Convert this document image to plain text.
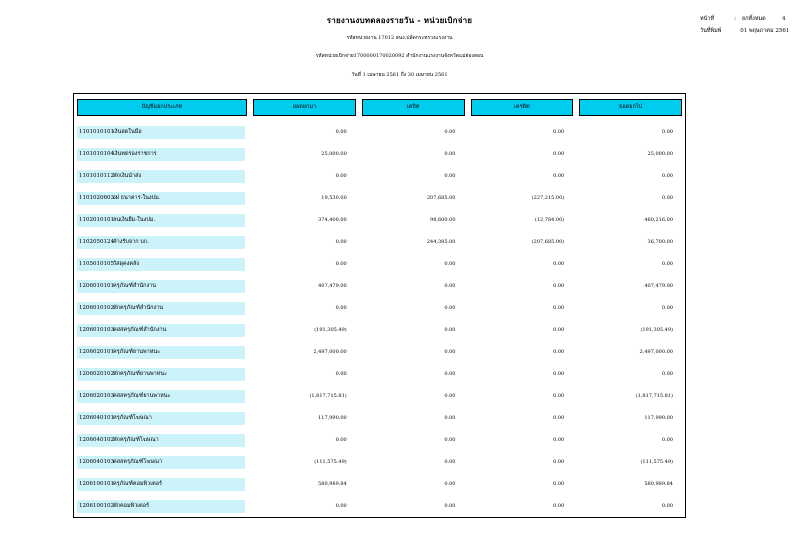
รายงานงบทดลองรายวัน - หน่วยเบิกจ่าย
รหัสหน่วยงาน 17012 สนง.ปลัดกระทรวงแรงงาน
รหัสหน่วยเบิกจ่าย1700000170020092 สำนักงานแรงงานจังหวัดแม่ฮ่องสอน
วันที่ 1 เมษายน 2561 ถึง 30 เมษายน 2561
หน้าที่	: ยกทั้งหมด	4
วันที่พิมพ์	01 พฤษภาคม 2561
บัญชีแยกประเภท	ยอดยกมา	เดบิต	เครดิต	ยอดยกไป

1101010101เงินสดในมือ	0.00	0.00	0.00	0.00

1101010104เงินทดรองราชการ	25,000.00	0.00	0.00	25,000.00

1101010112พักเงินนำส่ง	0.00	0.00	0.00	0.00

1101020603งฝ ธนาคาร-ในงปม.	19,530.00	207,685.00	(227,215.00)	0.00

1102010101ลนเงินยืม-ในงปม.	374,400.00	98,600.00	(12,784.00)	460,216.00

1102050124ค้างรับจาก บก.	0.00	244,385.00	(207,685.00)	36,700.00

1105010105วัสดุคงคลัง	0.00	0.00	0.00	0.00

1206010101ครุภัณฑ์สำนักงาน	407,479.00	0.00	0.00	407,479.00

1206010102พักครุภัณฑ์สำนักงาน	0.00	0.00	0.00	0.00

1206010103คสสครุภัณฑ์สำนักงาน	(191,305.49)	0.00	0.00	(191,305.49)

1206020101ครุภัณฑ์ยานพาหนะ	2,497,000.00	0.00	0.00	2,497,000.00

1206020102พักครุภัณฑ์ยานพาหนะ	0.00	0.00	0.00	0.00

1206020103คสสครุภัณฑ์ยานพาหนะ	(1,817,715.81)	0.00	0.00	(1,817,715.81)

1206040101ครุภัณฑ์โฆษณา	117,990.00	0.00	0.00	117,990.00

1206040102พักครุภัณฑ์โฆษณา	0.00	0.00	0.00	0.00

1206040103คสสครุภัณฑ์โฆษณา	(111,575.49)	0.00	0.00	(111,575.49)

1206100101ครุภัณฑ์คอมพิวเตอร์	580,989.84	0.00	0.00	580,989.84

1206100102พักคอมพิวเตอร์	0.00	0.00	0.00	0.00
